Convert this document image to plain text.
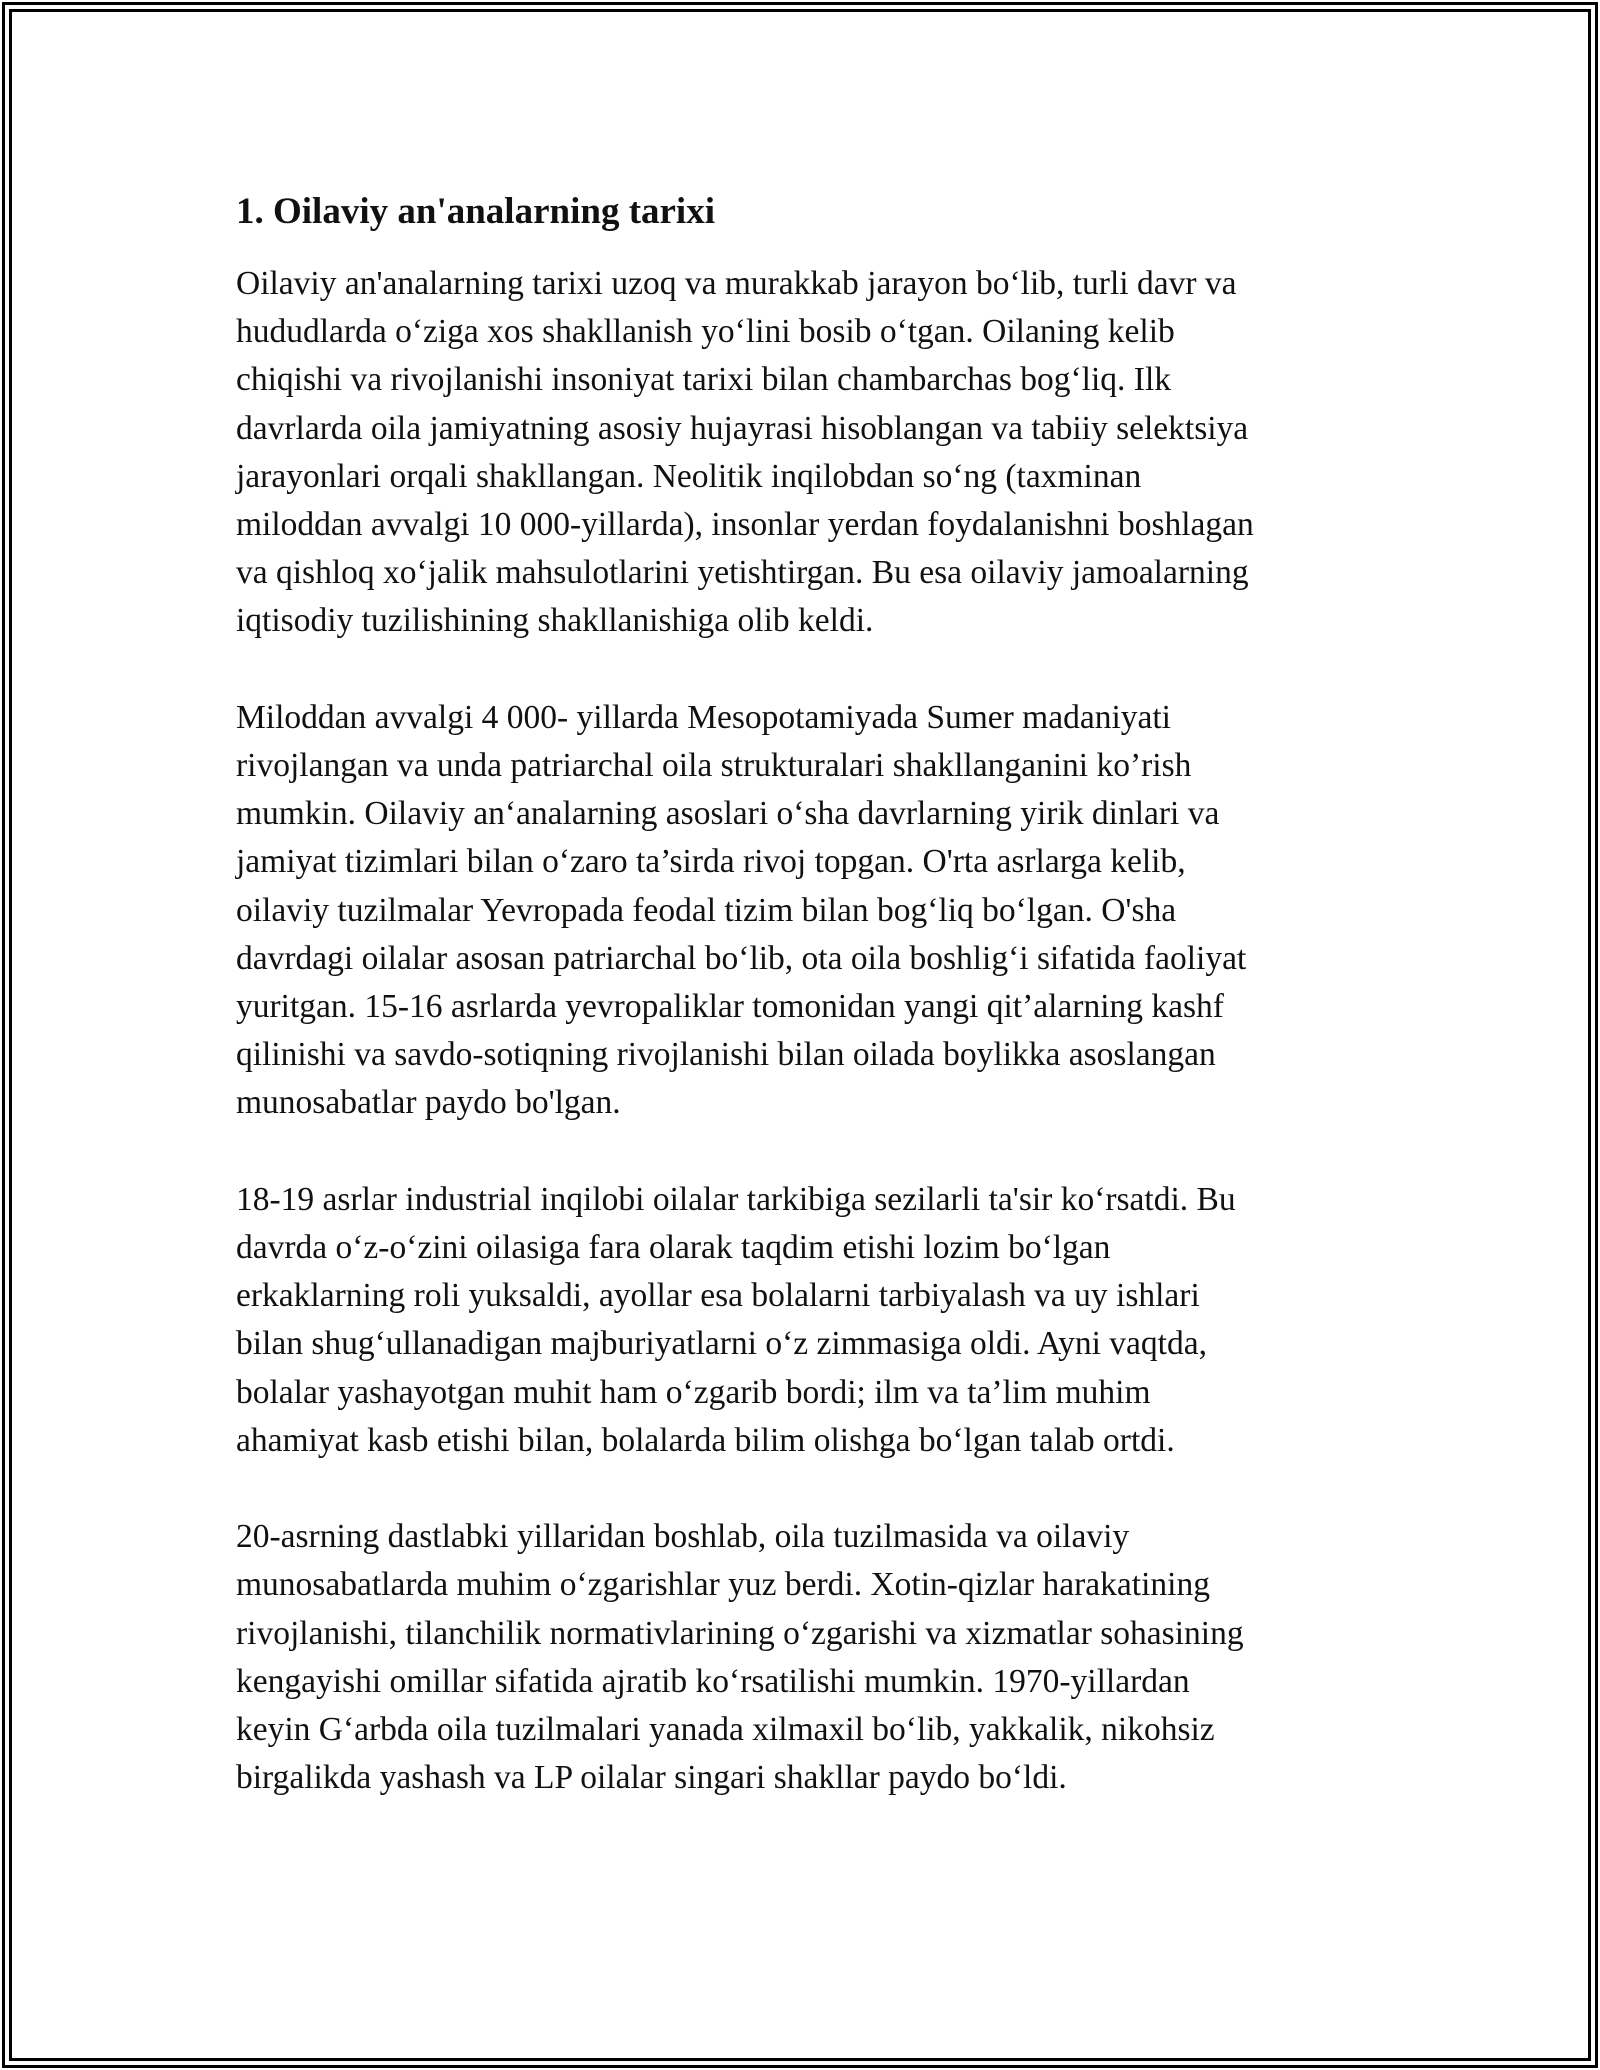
1. Oilaviy an'analarning tarixi

Oilaviy an'analarning tarixi uzoq va murakkab jarayon bo‘lib, turli davr va
hududlarda o‘ziga xos shakllanish yo‘lini bosib o‘tgan. Oilaning kelib
chiqishi va rivojlanishi insoniyat tarixi bilan chambarchas bog‘liq. Ilk
davrlarda oila jamiyatning asosiy hujayrasi hisoblangan va tabiiy selektsiya
jarayonlari orqali shakllangan. Neolitik inqilobdan so‘ng (taxminan
miloddan avvalgi 10 000-yillarda), insonlar yerdan foydalanishni boshlagan
va qishloq xo‘jalik mahsulotlarini yetishtirgan. Bu esa oilaviy jamoalarning
iqtisodiy tuzilishining shakllanishiga olib keldi.

Miloddan avvalgi 4 000- yillarda Mesopotamiyada Sumer madaniyati
rivojlangan va unda patriarchal oila strukturalari shakllanganini ko’rish
mumkin. Oilaviy an‘analarning asoslari o‘sha davrlarning yirik dinlari va
jamiyat tizimlari bilan o‘zaro ta’sirda rivoj topgan. O'rta asrlarga kelib,
oilaviy tuzilmalar Yevropada feodal tizim bilan bog‘liq bo‘lgan. O'sha
davrdagi oilalar asosan patriarchal bo‘lib, ota oila boshlig‘i sifatida faoliyat
yuritgan. 15-16 asrlarda yevropaliklar tomonidan yangi qit’alarning kashf
qilinishi va savdo-sotiqning rivojlanishi bilan oilada boylikka asoslangan
munosabatlar paydo bo'lgan.

18-19 asrlar industrial inqilobi oilalar tarkibiga sezilarli ta'sir ko‘rsatdi. Bu
davrda o‘z-o‘zini oilasiga fara olarak taqdim etishi lozim bo‘lgan
erkaklarning roli yuksaldi, ayollar esa bolalarni tarbiyalash va uy ishlari
bilan shug‘ullanadigan majburiyatlarni o‘z zimmasiga oldi. Ayni vaqtda,
bolalar yashayotgan muhit ham o‘zgarib bordi; ilm va ta’lim muhim
ahamiyat kasb etishi bilan, bolalarda bilim olishga bo‘lgan talab ortdi.

20-asrning dastlabki yillaridan boshlab, oila tuzilmasida va oilaviy
munosabatlarda muhim o‘zgarishlar yuz berdi. Xotin-qizlar harakatining
rivojlanishi, tilanchilik normativlarining o‘zgarishi va xizmatlar sohasining
kengayishi omillar sifatida ajratib ko‘rsatilishi mumkin. 1970-yillardan
keyin G‘arbda oila tuzilmalari yanada xilmaxil bo‘lib, yakkalik, nikohsiz
birgalikda yashash va LP oilalar singari shakllar paydo bo‘ldi.
